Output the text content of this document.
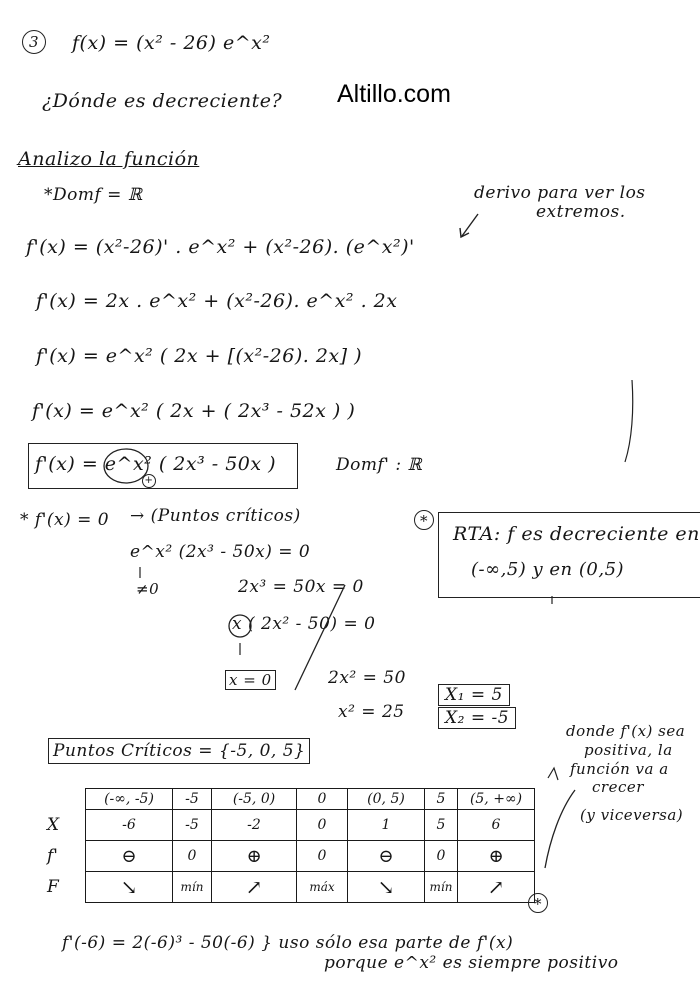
Altillo.com
3	f(x) = (x² - 26) e^x²
¿Dónde es decreciente?
Analizo la función
*Domf = ℝ	derivo para ver los
extremos.
f'(x) = (x²-26)' . e^x² + (x²-26). (e^x²)'
f'(x) = 2x . e^x² + (x²-26). e^x² . 2x
f'(x) = e^x² ( 2x + [(x²-26). 2x] )
f'(x) = e^x² ( 2x + ( 2x³ - 52x ) )
f'(x) = e^x² ( 2x³ - 50x )
+
Domf' : ℝ
* f'(x) = 0 → (Puntos críticos)
e^x² (2x³ - 50x) = 0
≠0	2x³ = 50x = 0
x ( 2x² - 50) = 0
x = 0	2x² = 50
x² = 25
X₁ = 5
X₂ = -5
Puntos Críticos = {-5, 0, 5}
*
RTA: f es decreciente en
(-∞,5) y en (0,5)
donde f'(x) sea
positiva, la
función va a
crecer
(y viceversa)
	(-∞, -5)	-5	(-5, 0)	0	(0, 5)	5	(5, +∞)
X	-6	-5	-2	0	1	5	6
f'	⊖	0	⊕	0	⊖	0	⊕
F	↘	mín	↗	máx	↘	mín	↗
*
f'(-6) = 2(-6)³ - 50(-6) } uso sólo esa parte de f'(x)
porque e^x² es siempre positivo
